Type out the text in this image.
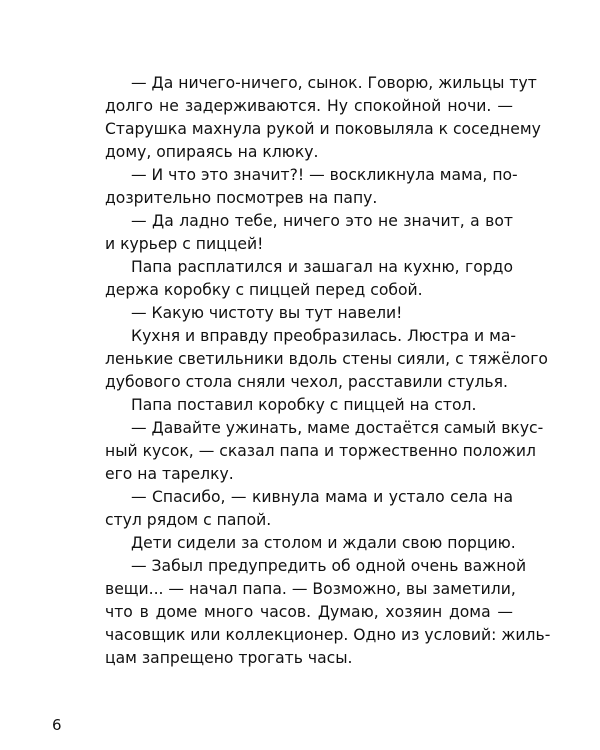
— Да ничего-ничего, сынок. Говорю, жильцы тут
долго не задерживаются. Ну спокойной ночи. —
Старушка махнула рукой и поковыляла к соседнему
дому, опираясь на клюку.
— И что это значит?! — воскликнула мама, по-
дозрительно посмотрев на папу.
— Да ладно тебе, ничего это не значит, а вот
и курьер с пиццей!
Папа расплатился и зашагал на кухню, гордо
держа коробку с пиццей перед собой.
— Какую чистоту вы тут навели!
Кухня и вправду преобразилась. Люстра и ма-
ленькие светильники вдоль стены сияли, с тяжёлого
дубового стола сняли чехол, расставили стулья.
Папа поставил коробку с пиццей на стол.
— Давайте ужинать, маме достаётся самый вкус-
ный кусок, — сказал папа и торжественно положил
его на тарелку.
— Спасибо, — кивнула мама и устало села на
стул рядом с папой.
Дети сидели за столом и ждали свою порцию.
— Забыл предупредить об одной очень важной
вещи... — начал папа. — Возможно, вы заметили,
что в доме много часов. Думаю, хозяин дома —
часовщик или коллекционер. Одно из условий: жиль-
цам запрещено трогать часы.
6
